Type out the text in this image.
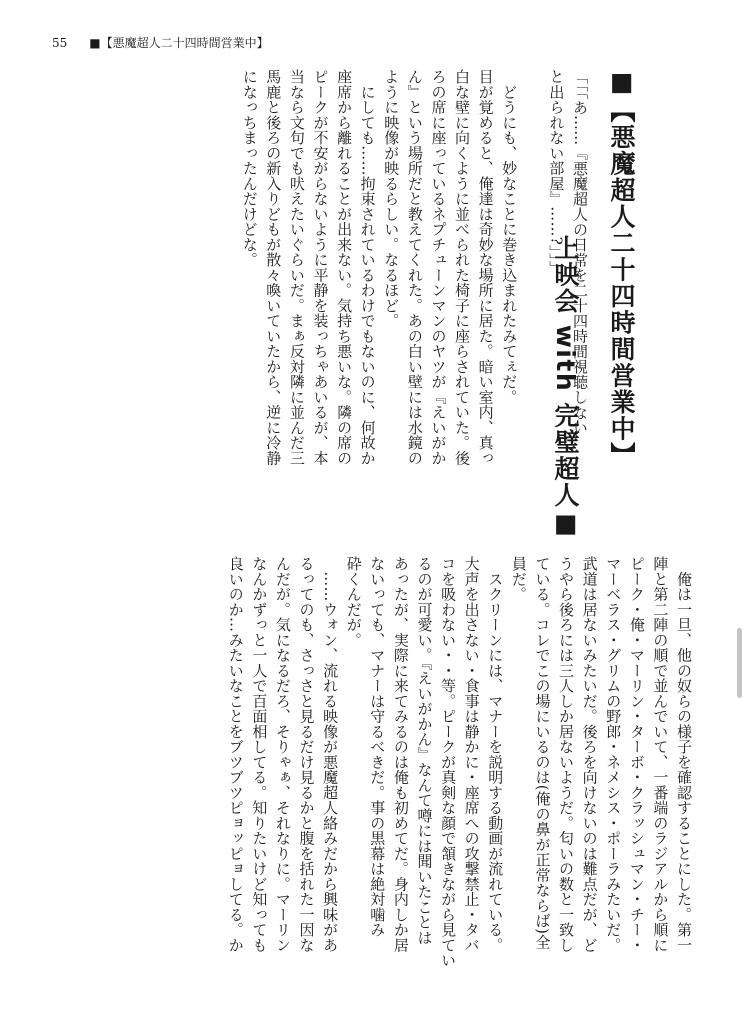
55 ■【悪魔超人二十四時間営業中】
■【悪魔超人二十四時間営業中】
上映会 with 完璧超人■
「「「あ……『悪魔超人の日常を二十四時間視聴しない
と出られない部屋』……?」」」

　どうにも、妙なことに巻き込まれたみてぇだ。
目が覚めると、俺達は奇妙な場所に居た。暗い室内、真っ
白な壁に向くように並べられた椅子に座らされていた。後
ろの席に座っているネプチューンマンのヤツが『えいがか
ん』という場所だと教えてくれた。あの白い壁には水鏡の
ように映像が映るらしい。なるほど。
　にしても……拘束されているわけでもないのに、何故か
座席から離れることが出来ない。気持ち悪いな。隣の席の
ピークが不安がらないように平静を装っちゃあいるが、本
当なら文句でも吠えたいぐらいだ。まぁ反対隣に並んだ三
馬鹿と後ろの新入りどもが散々喚いていたから、逆に冷静
になっちまったんだけどな。
　俺は一旦、他の奴らの様子を確認することにした。第一
陣と第二陣の順で並んでいて、一番端のラジアルから順に
ピーク・俺・マーリン・ターボ・クラッシュマン・チー・
マーベラス・グリムの野郎・ネメシス・ポーラみたいだ。
武道は居ないみたいだ。後ろを向けないのは難点だが、ど
うやら後ろには三人しか居ないようだ。匂いの数と一致し
ている。コレでこの場にいるのは(俺の鼻が正常ならば)全
員だ。
　スクリーンには、マナーを説明する動画が流れている。
大声を出さない・食事は静かに・座席への攻撃禁止・タバ
コを吸わない・・等。ピークが真剣な顔で頷きながら見てい
るのが可愛い。『えいがかん』なんて噂には聞いたことは
あったが、実際に来てみるのは俺も初めてだ。身内しか居
ないっても、マナーは守るべきだ。事の黒幕は絶対噛み
砕くんだが。
　……ウォン、流れる映像が悪魔超人絡みだから興味があ
るってのも、さっさと見るだけ見るかと腹を括れた一因な
んだが。気になるだろ、そりゃぁ、それなりに。マーリン
なんかずっと一人で百面相してる。知りたいけど知っても
良いのか…みたいなことをブツブツピョッピョしてる。か
